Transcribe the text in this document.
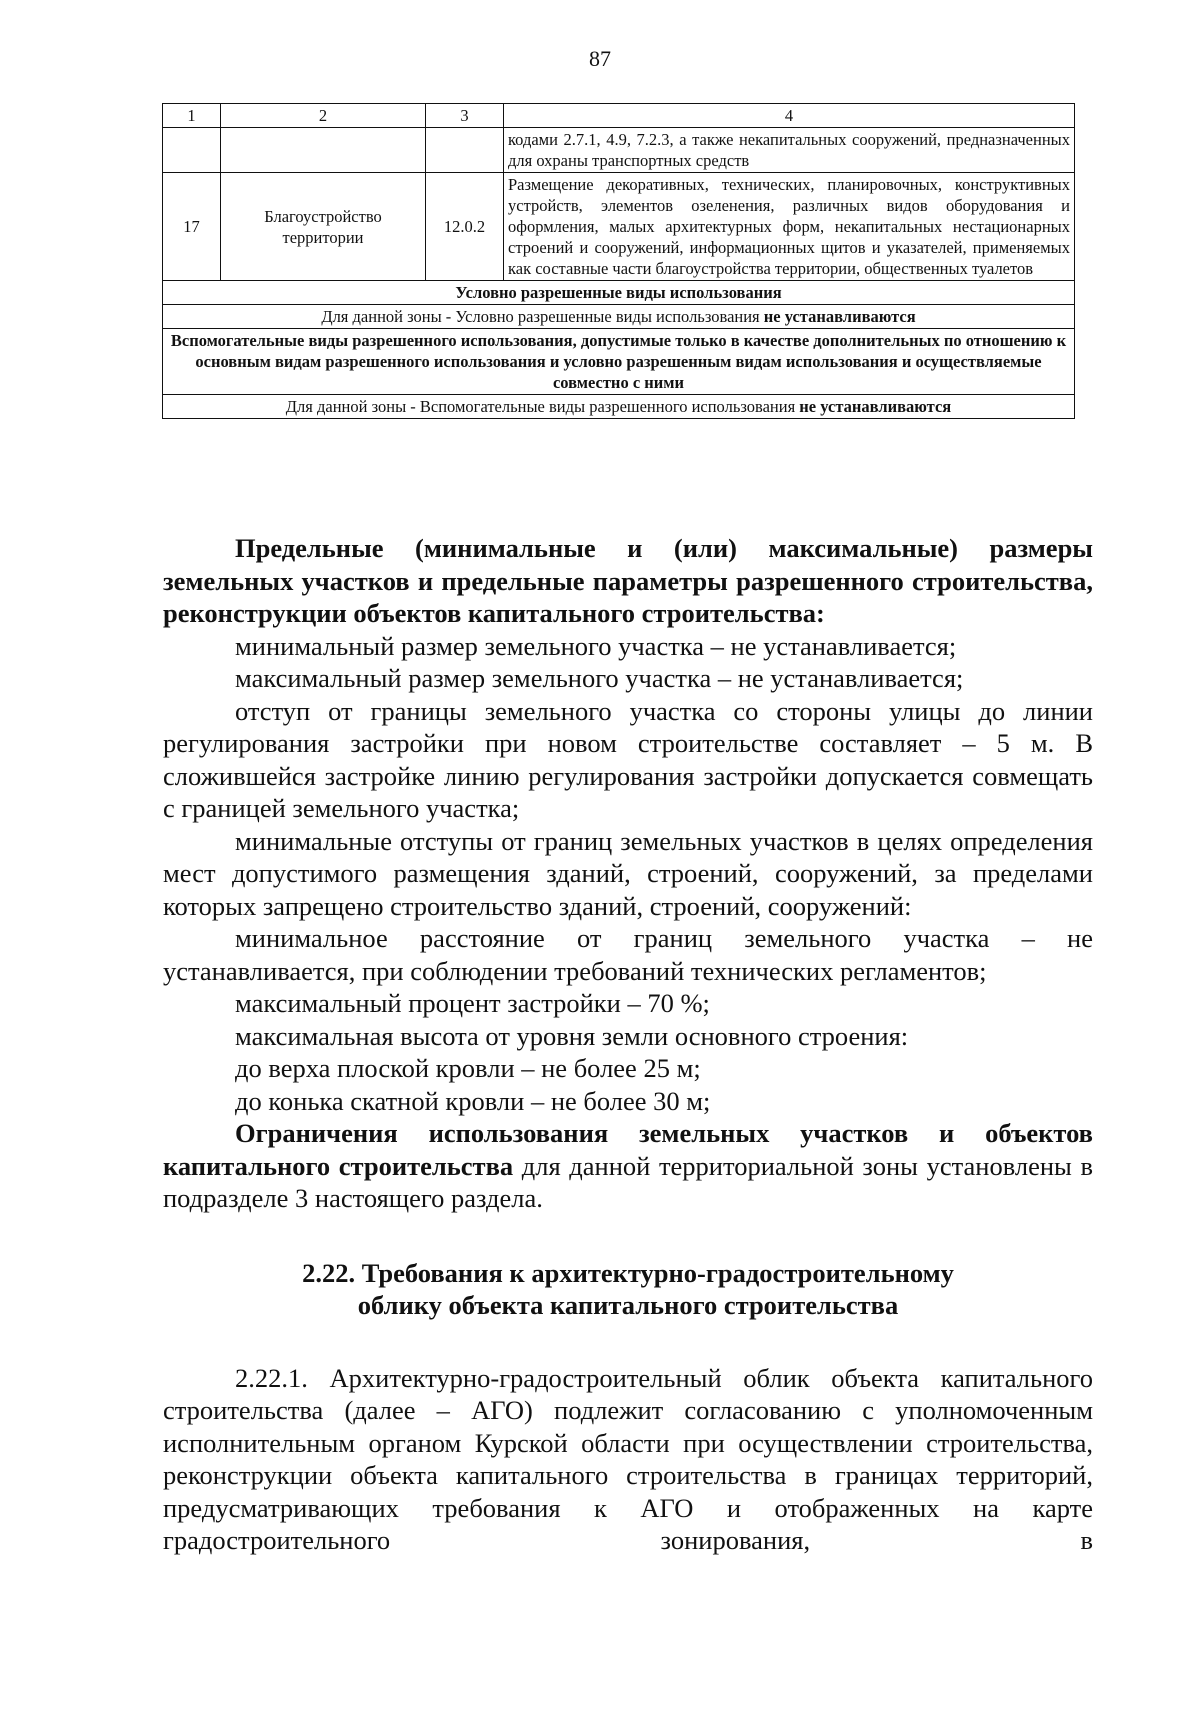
87
1	2	3	4
			кодами 2.7.1, 4.9, 7.2.3, а также некапитальных сооружений, предназначенных для охраны транспортных средств
17	Благоустройство территории	12.0.2	Размещение декоративных, технических, планировочных, конструктивных устройств, элементов озеленения, различных видов оборудования и оформления, малых архитектурных форм, некапитальных нестационарных строений и сооружений, информационных щитов и указателей, применяемых как составные части благоустройства территории, общественных туалетов
Условно разрешенные виды использования			
Для данной зоны - Условно разрешенные виды использования не устанавливаются			
Вспомогательные виды разрешенного использования, допустимые только в качестве дополнительных по отношению к основным видам разрешенного использования и условно разрешенным видам использования и осуществляемые совместно с ними			
Для данной зоны - Вспомогательные виды разрешенного использования не устанавливаются			

Предельные (минимальные и (или) максимальные) размеры земельных участков и предельные параметры разрешенного строительства, реконструкции объектов капитального строительства:

минимальный размер земельного участка – не устанавливается;

максимальный размер земельного участка – не устанавливается;

отступ от границы земельного участка со стороны улицы до линии регулирования застройки при новом строительстве составляет – 5 м. В сложившейся застройке линию регулирования застройки допускается совмещать с границей земельного участка;

минимальные отступы от границ земельных участков в целях определения мест допустимого размещения зданий, строений, сооружений, за пределами которых запрещено строительство зданий, строений, сооружений:

минимальное расстояние от границ земельного участка – не устанавливается, при соблюдении требований технических регламентов;

максимальный процент застройки – 70 %;

максимальная высота от уровня земли основного строения:

до верха плоской кровли – не более 25 м;

до конька скатной кровли – не более 30 м;

Ограничения использования земельных участков и объектов капитального строительства для данной территориальной зоны установлены в подразделе 3 настоящего раздела.

2.22. Требования к архитектурно-градостроительному
облику объекта капитального строительства

2.22.1. Архитектурно-градостроительный облик объекта капитального строительства (далее – АГО) подлежит согласованию с уполномоченным исполнительным органом Курской области при осуществлении строительства, реконструкции объекта капитального строительства в границах территорий, предусматривающих требования к АГО и отображенных на карте градостроительного зонирования, в
